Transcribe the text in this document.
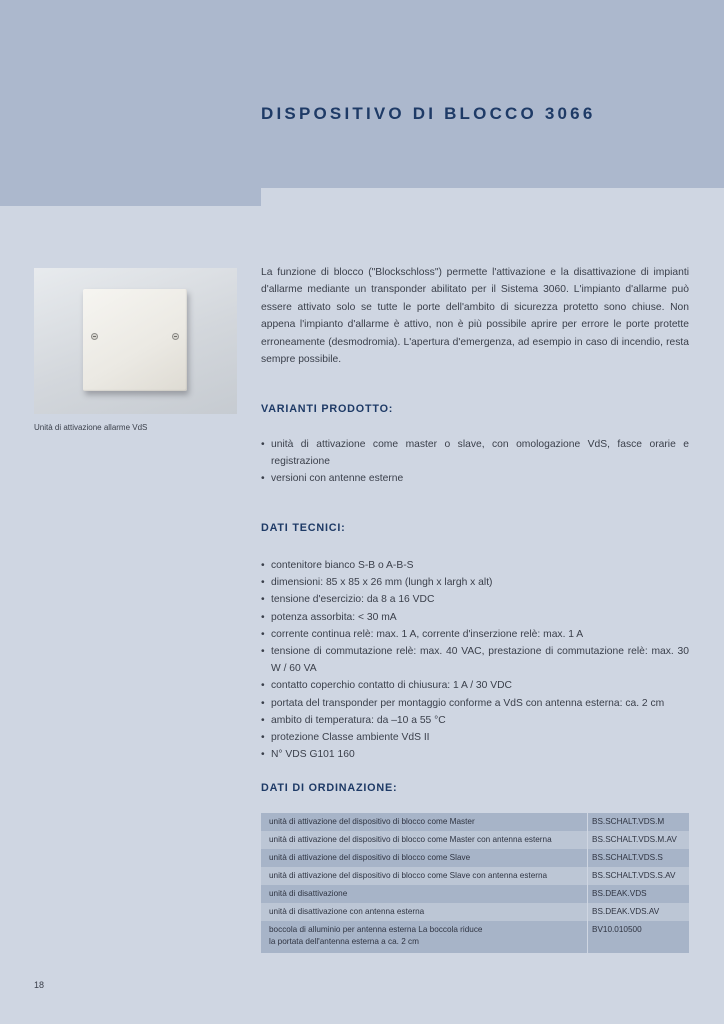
DISPOSITIVO DI BLOCCO 3066

Unità di attivazione allarme VdS

La funzione di blocco ("Blockschloss") permette l'attivazione e la disattivazione di impianti d'allarme mediante un transponder abilitato per il Sistema 3060. L'impianto d'allarme può essere attivato solo se tutte le porte dell'ambito di sicurezza protetto sono chiuse. Non appena l'impianto d'allarme è attivo, non è più possibile aprire per errore le porte protette erroneamente (desmodromia). L'apertura d'emergenza, ad esempio in caso di incendio, resta sempre possibile.

VARIANTI PRODOTTO:
• unità di attivazione come master o slave, con omologazione VdS, fasce orarie e registrazione
• versioni con antenne esterne
DATI TECNICI:
• contenitore bianco S-B o A-B-S
• dimensioni: 85 x 85 x 26 mm (lungh x largh x alt)
• tensione d'esercizio: da 8 a 16 VDC
• potenza assorbita: < 30 mA
• corrente continua relè: max. 1 A, corrente d'inserzione relè: max. 1 A
• tensione di commutazione relè: max. 40 VAC, prestazione di commutazione relè: max. 30 W / 60 VA
• contatto coperchio contatto di chiusura: 1 A / 30 VDC
• portata del transponder per montaggio conforme a VdS con antenna esterna: ca. 2 cm
• ambito di temperatura: da –10 a 55 °C
• protezione Classe ambiente VdS II
• N° VDS G101 160
DATI DI ORDINAZIONE:
unità di attivazione del dispositivo di blocco come Master	BS.SCHALT.VDS.M
unità di attivazione del dispositivo di blocco come Master con antenna esterna	BS.SCHALT.VDS.M.AV
unità di attivazione del dispositivo di blocco come Slave	BS.SCHALT.VDS.S
unità di attivazione del dispositivo di blocco come Slave con antenna esterna	BS.SCHALT.VDS.S.AV
unità di disattivazione	BS.DEAK.VDS
unità di disattivazione con antenna esterna	BS.DEAK.VDS.AV
boccola di alluminio per antenna esterna La boccola riduce
la portata dell'antenna esterna a ca. 2 cm	BV10.010500

18
